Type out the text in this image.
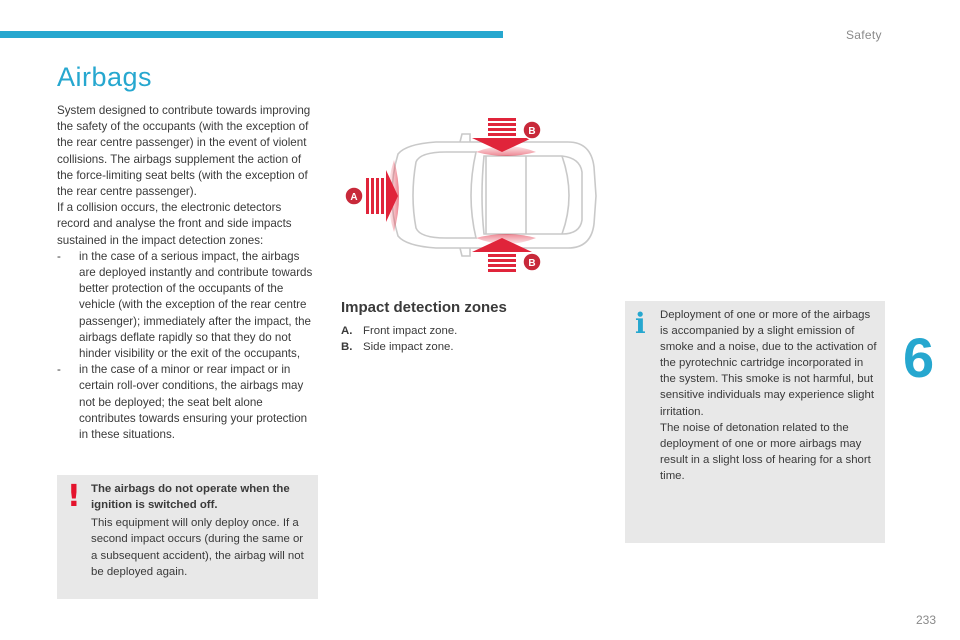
Safety
Airbags

System designed to contribute towards improving the safety of the occupants (with the exception of the rear centre passenger) in the event of violent collisions. The airbags supplement the action of the force-limiting seat belts (with the exception of the rear centre passenger).

If a collision occurs, the electronic detectors record and analyse the front and side impacts sustained in the impact detection zones:

- in the case of a serious impact, the airbags are deployed instantly and contribute towards better protection of the occupants of the vehicle (with the exception of the rear centre passenger); immediately after the impact, the airbags deflate rapidly so that they do not hinder visibility or the exit of the occupants,
- in the case of a minor or rear impact or in certain roll-over conditions, the airbags may not be deployed; the seat belt alone contributes towards ensuring your protection in these situations.
! The airbags do not operate when the ignition is switched off.
This equipment will only deploy once. If a second impact occurs (during the same or a subsequent accident), the airbag will not be deployed again.
A
B
B
Impact detection zones
A. Front impact zone.
B. Side impact zone.
i Deployment of one or more of the airbags is accompanied by a slight emission of smoke and a noise, due to the activation of the pyrotechnic cartridge incorporated in the system. This smoke is not harmful, but sensitive individuals may experience slight irritation.
The noise of detonation related to the deployment of one or more airbags may result in a slight loss of hearing for a short time.
6
233
